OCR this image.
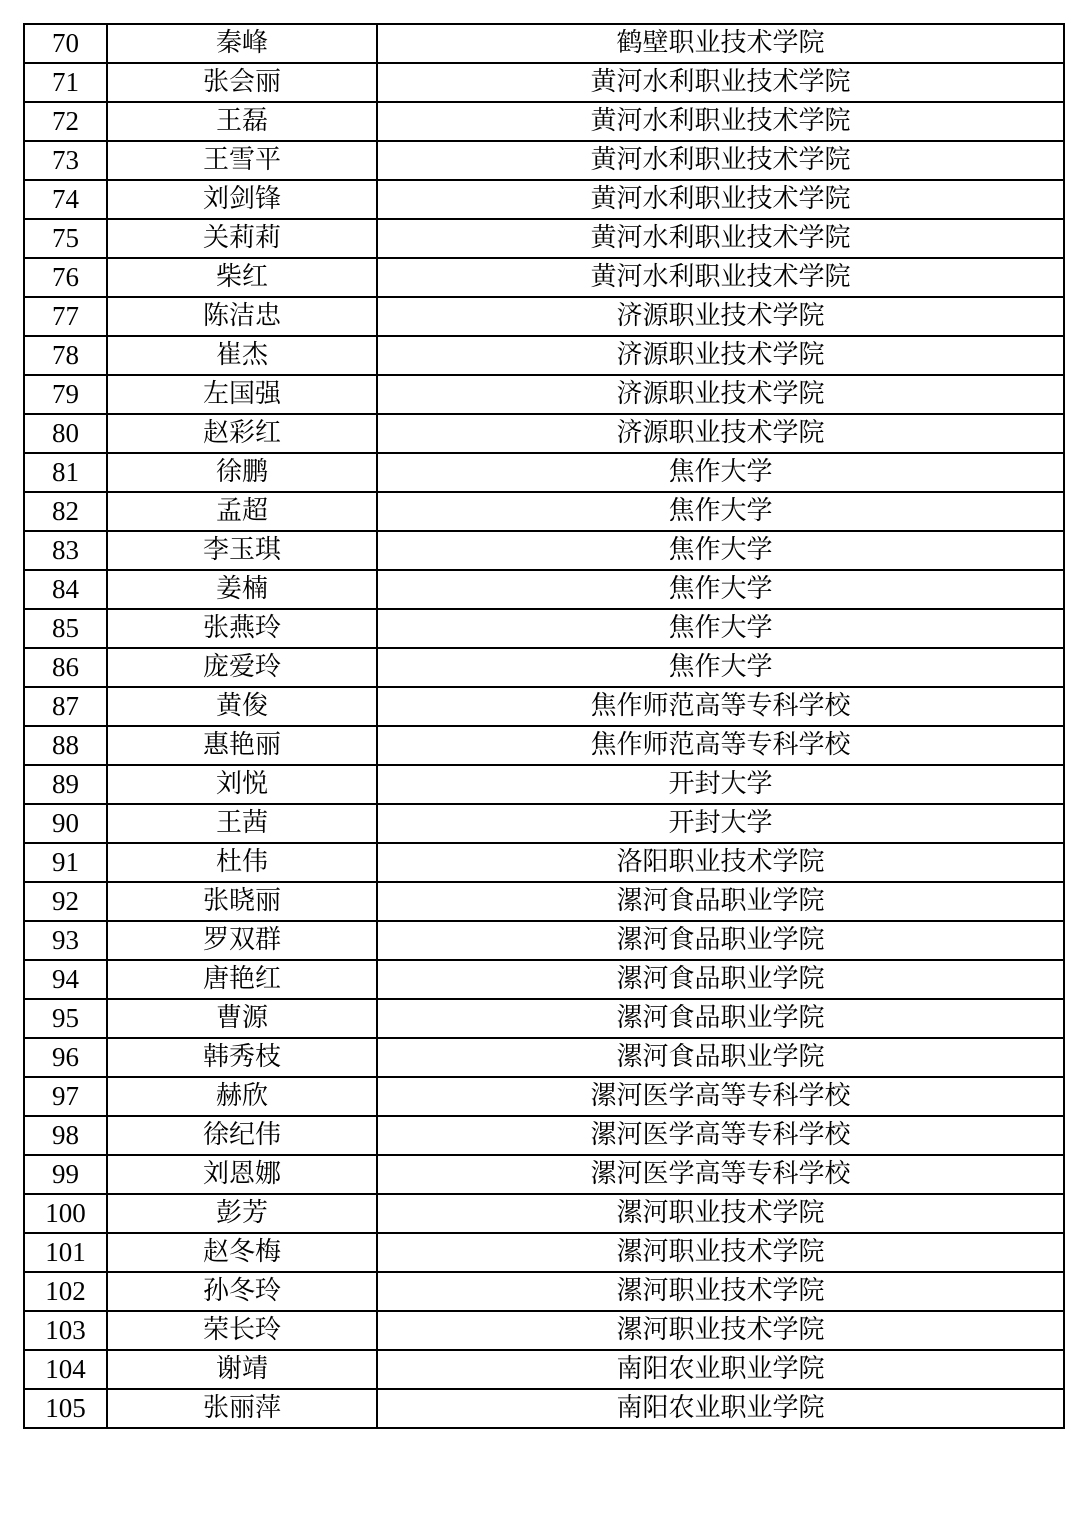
70	秦峰	鹤壁职业技术学院
71	张会丽	黄河水利职业技术学院
72	王磊	黄河水利职业技术学院
73	王雪平	黄河水利职业技术学院
74	刘剑锋	黄河水利职业技术学院
75	关莉莉	黄河水利职业技术学院
76	柴红	黄河水利职业技术学院
77	陈洁忠	济源职业技术学院
78	崔杰	济源职业技术学院
79	左国强	济源职业技术学院
80	赵彩红	济源职业技术学院
81	徐鹏	焦作大学
82	孟超	焦作大学
83	李玉琪	焦作大学
84	姜楠	焦作大学
85	张燕玲	焦作大学
86	庞爱玲	焦作大学
87	黄俊	焦作师范高等专科学校
88	惠艳丽	焦作师范高等专科学校
89	刘悦	开封大学
90	王茜	开封大学
91	杜伟	洛阳职业技术学院
92	张晓丽	漯河食品职业学院
93	罗双群	漯河食品职业学院
94	唐艳红	漯河食品职业学院
95	曹源	漯河食品职业学院
96	韩秀枝	漯河食品职业学院
97	赫欣	漯河医学高等专科学校
98	徐纪伟	漯河医学高等专科学校
99	刘恩娜	漯河医学高等专科学校
100	彭芳	漯河职业技术学院
101	赵冬梅	漯河职业技术学院
102	孙冬玲	漯河职业技术学院
103	荣长玲	漯河职业技术学院
104	谢靖	南阳农业职业学院
105	张丽萍	南阳农业职业学院
